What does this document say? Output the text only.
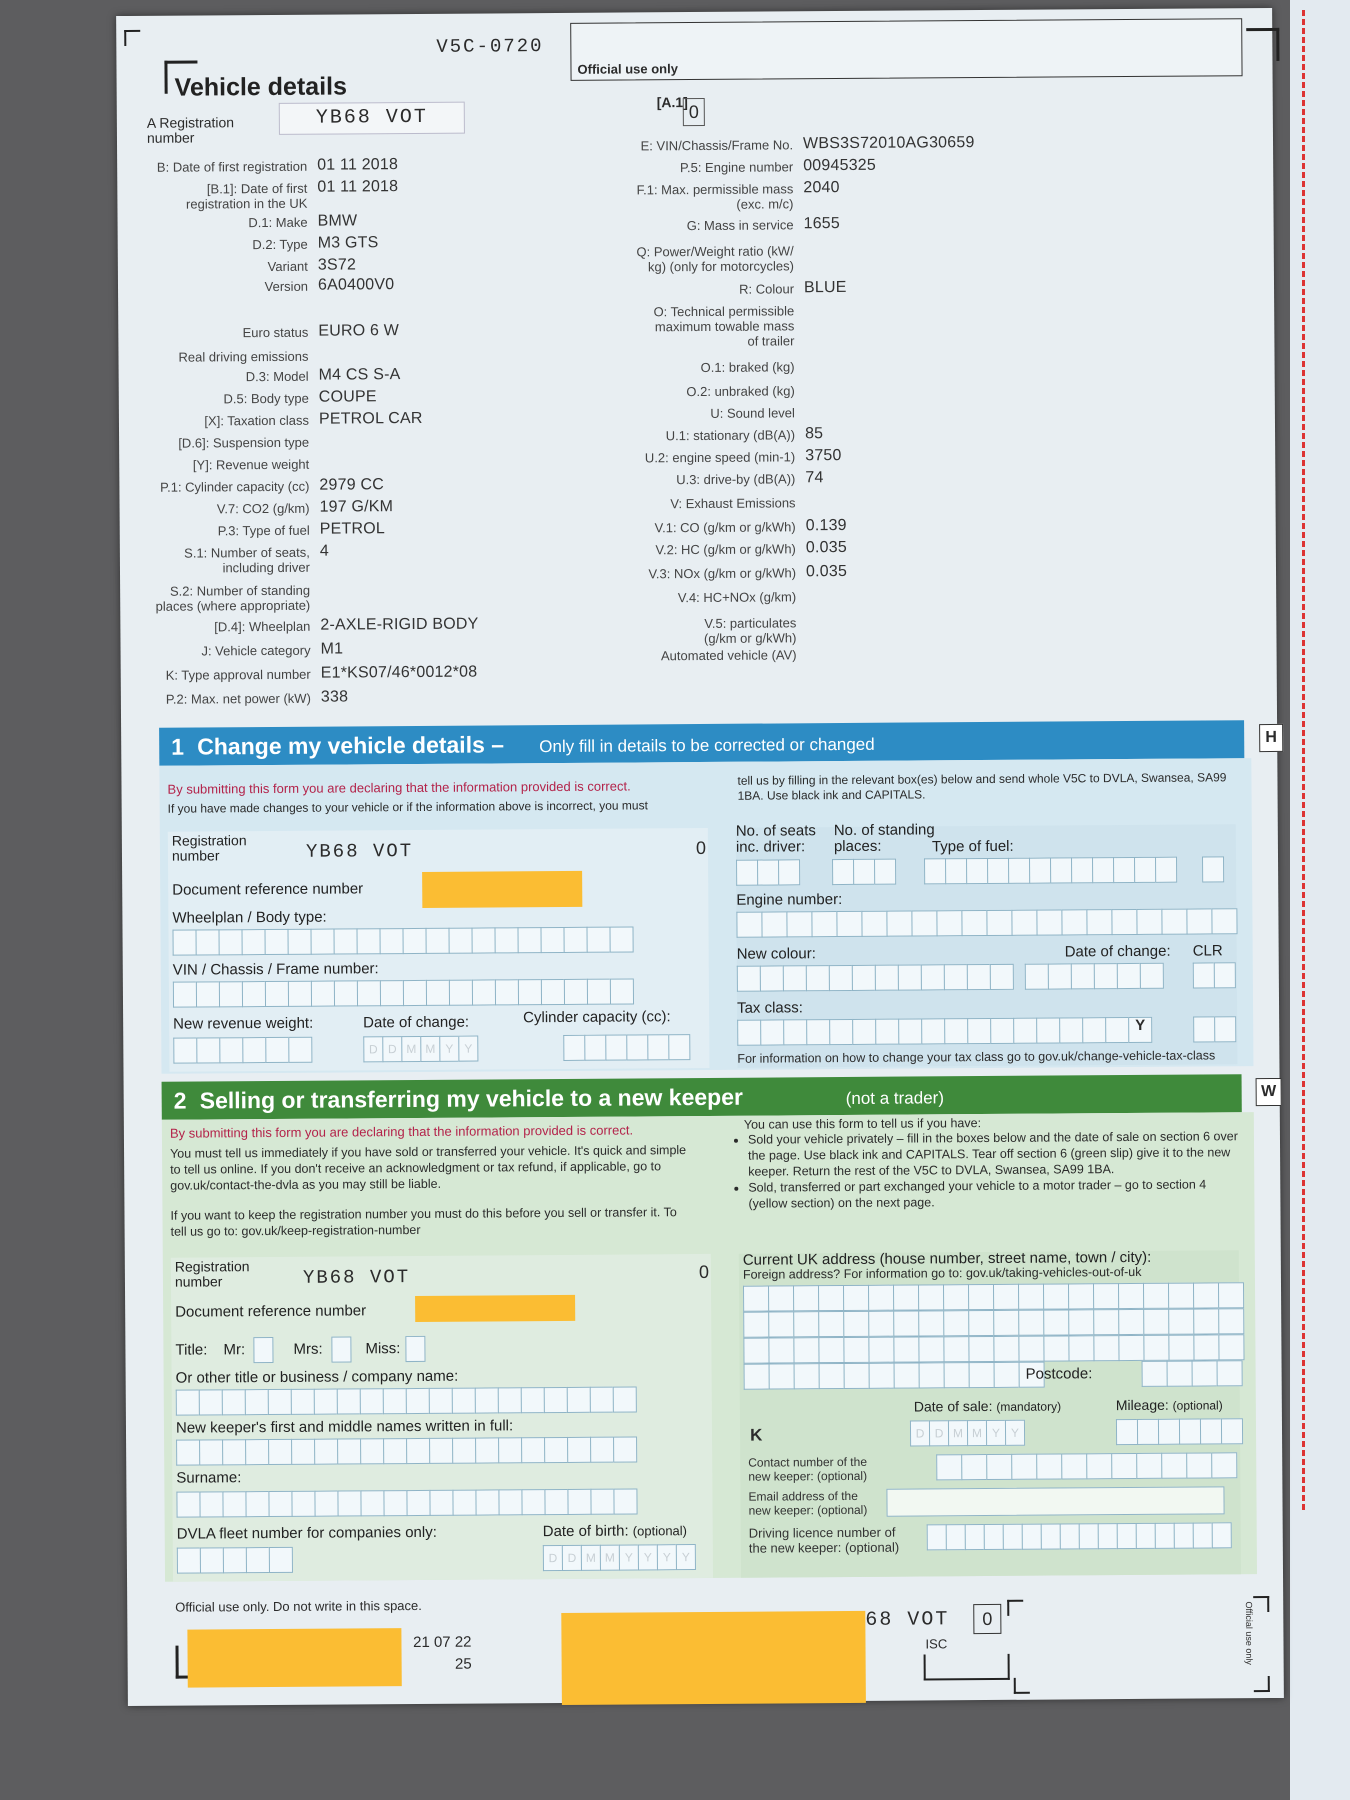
V5C-0720
Official use only
Vehicle details
[A.1] 0
A Registration
number
YB68 VOT
B: Date of first registration 01 11 2018
[B.1]: Date of first
registration in the UK
01 11 2018
D.1: Make BMW
D.2: Type M3 GTS
Variant 3S72
Version 6A0400V0
Euro status EURO 6 W
Real driving emissions
D.3: Model M4 CS S-A
D.5: Body type COUPE
[X]: Taxation class PETROL CAR
[D.6]: Suspension type
[Y]: Revenue weight
P.1: Cylinder capacity (cc) 2979 CC
V.7: CO2 (g/km) 197 G/KM
P.3: Type of fuel PETROL
S.1: Number of seats,
including driver
4
S.2: Number of standing
places (where appropriate)
[D.4]: Wheelplan 2-AXLE-RIGID BODY
J: Vehicle category M1
K: Type approval number E1*KS07/46*0012*08
P.2: Max. net power (kW) 338
E: VIN/Chassis/Frame No. WBS3S72010AG30659
P.5: Engine number 00945325
F.1: Max. permissible mass
(exc. m/c)
2040
G: Mass in service 1655
Q: Power/Weight ratio (kW/
kg) (only for motorcycles)
R: Colour BLUE
O: Technical permissible
maximum towable mass
of trailer
O.1: braked (kg)
O.2: unbraked (kg)
U: Sound level
U.1: stationary (dB(A)) 85
U.2: engine speed (min-1) 3750
U.3: drive-by (dB(A)) 74
V: Exhaust Emissions
V.1: CO (g/km or g/kWh) 0.139
V.2: HC (g/km or g/kWh) 0.035
V.3: NOx (g/km or g/kWh) 0.035
V.4: HC+NOx (g/km)
V.5: particulates
(g/km or g/kWh)
Automated vehicle (AV)
1 Change my vehicle details – Only fill in details to be corrected or changed	H
By submitting this form you are declaring that the information provided is correct.
If you have made changes to your vehicle or if the information above is incorrect, you must
tell us by filling in the relevant box(es) below and send whole V5C to DVLA, Swansea, SA99 1BA. Use black ink and CAPITALS.
Registration
number	YB68 VOT	0
Document reference number
Wheelplan / Body type:
VIN / Chassis / Frame number:
New revenue weight:	Date of change:
D D M M Y Y
Cylinder capacity (cc):
No. of seats
inc. driver:
No. of standing
places:	Type of fuel:
Engine number:
New colour:	Date of change: CLR
Tax class:
Y
For information on how to change your tax class go to gov.uk/change-vehicle-tax-class
2 Selling or transferring my vehicle to a new keeper	(not a trader)	W
By submitting this form you are declaring that the information provided is correct.
You must tell us immediately if you have sold or transferred your vehicle. It's quick and simple to tell us online. If you don't receive an acknowledgment or tax refund, if applicable, go to gov.uk/contact-the-dvla as you may still be liable.
If you want to keep the registration number you must do this before you sell or transfer it. To tell us go to: gov.uk/keep-registration-number
You can use this form to tell us if you have:
• Sold your vehicle privately – fill in the boxes below and the date of sale on section 6 over the page. Use black ink and CAPITALS. Tear off section 6 (green slip) give it to the new keeper. Return the rest of the V5C to DVLA, Swansea, SA99 1BA.
• Sold, transferred or part exchanged your vehicle to a motor trader – go to section 4 (yellow section) on the next page.
Registration
number	YB68 VOT	0
Document reference number
Title: Mr:	Mrs:	Miss:
Or other title or business / company name:
New keeper's first and middle names written in full:
Surname:
DVLA fleet number for companies only:	Date of birth: (optional)
D D M M Y Y Y Y
Current UK address (house number, street name, town / city):
Foreign address? For information go to: gov.uk/taking-vehicles-out-of-uk
Postcode:
K
Date of sale: (mandatory)
D D M M Y Y
Mileage: (optional)
Contact number of the
new keeper: (optional)
Email address of the
new keeper: (optional)
Driving licence number of
the new keeper: (optional)
Official use only. Do not write in this space.
21 07 22
25
68 VOT	0
ISC	Official use only
